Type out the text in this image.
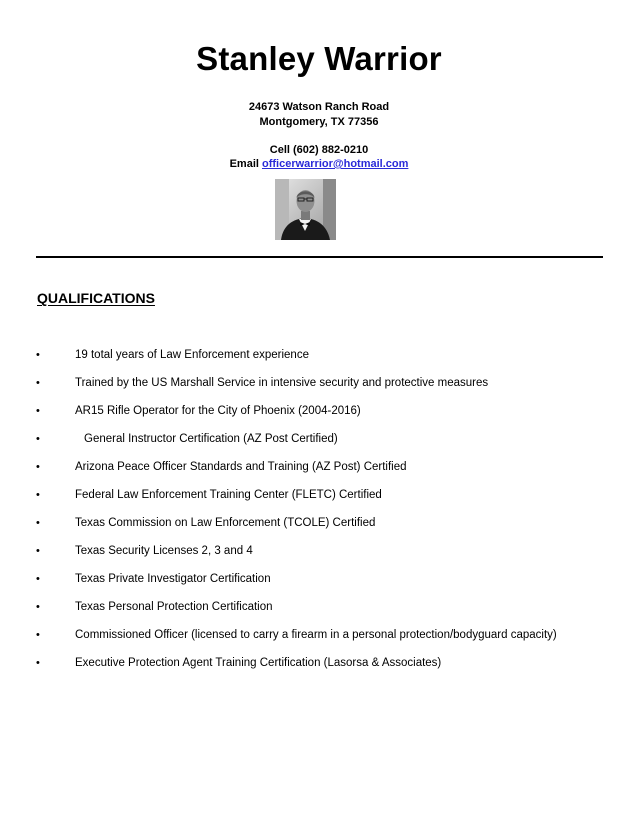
Stanley Warrior
24673 Watson Ranch Road
Montgomery, TX 77356
Cell (602) 882-0210
Email officerwarrior@hotmail.com
QUALIFICATIONS
•	19 total years of Law Enforcement experience
•	Trained by the US Marshall Service in intensive security and protective measures
•	AR15 Rifle Operator for the City of Phoenix (2004-2016)
•	General Instructor Certification (AZ Post Certified)
•	Arizona Peace Officer Standards and Training (AZ Post) Certified
•	Federal Law Enforcement Training Center (FLETC) Certified
•	Texas Commission on Law Enforcement (TCOLE) Certified
•	Texas Security Licenses 2, 3 and 4
•	Texas Private Investigator Certification
•	Texas Personal Protection Certification
•	Commissioned Officer (licensed to carry a firearm in a personal protection/bodyguard capacity)
•	Executive Protection Agent Training Certification (Lasorsa & Associates)
